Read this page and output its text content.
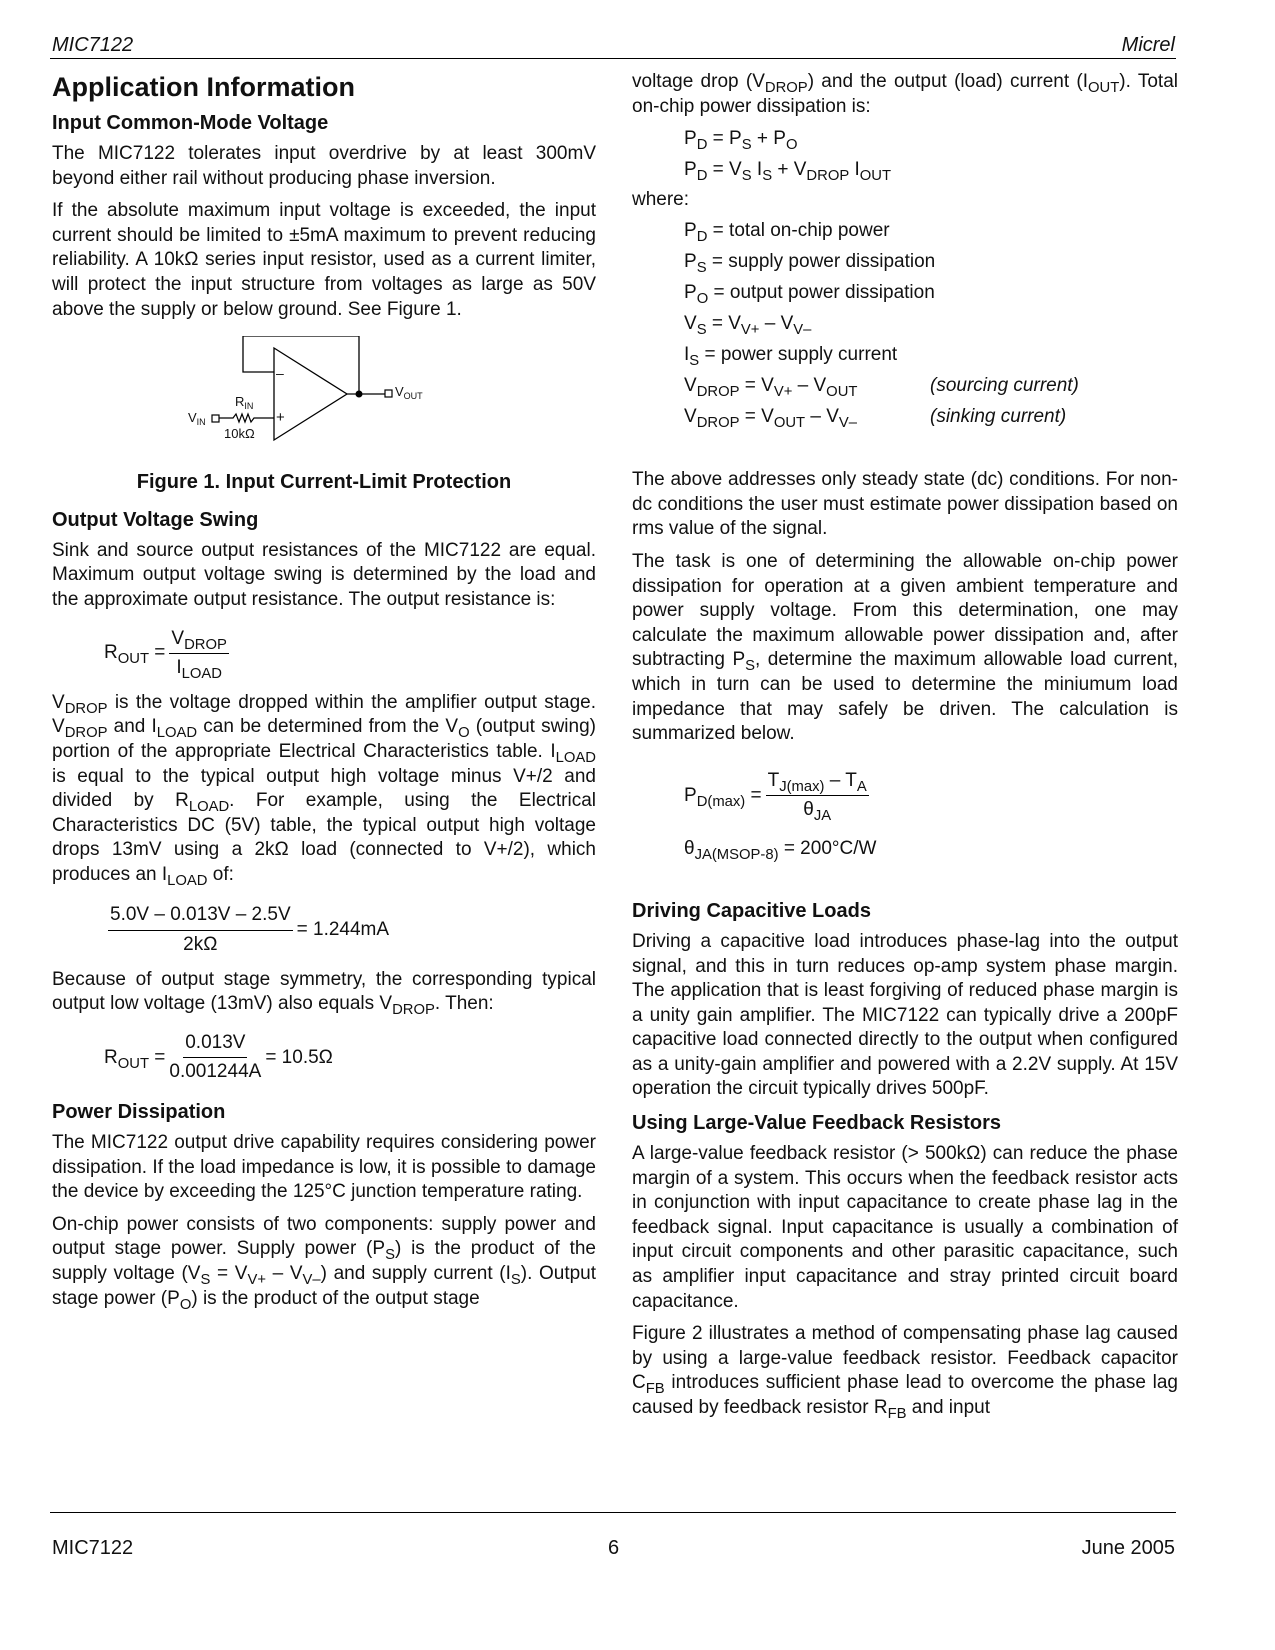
MIC7122	Micrel
Application Information
Input Common-Mode Voltage

The MIC7122 tolerates input overdrive by at least 300mV beyond either rail without producing phase inversion.

If the absolute maximum input voltage is exceeded, the input current should be limited to ±5mA maximum to prevent reducing reliability. A 10kΩ series input resistor, used as a current limiter, will protect the input structure from voltages as large as 50V above the supply or below ground. See Figure 1.

–
+
$V_{OUT}$
$V_{IN}$
$R_{IN}$
10kΩ
Figure 1. Input Current-Limit Protection
Output Voltage Swing

Sink and source output resistances of the MIC7122 are equal. Maximum output voltage swing is determined by the load and the approximate output resistance. The output resistance is:

$R_{OUT} = \frac{V_{DROP}}{I_{LOAD}}$

$V_{DROP}$ is the voltage dropped within the amplifier output stage. $V_{DROP}$ and $I_{LOAD}$ can be determined from the $V_O$ (output swing) portion of the appropriate Electrical Characteristics table. $I_{LOAD}$ is equal to the typical output high voltage minus V+/2 and divided by $R_{LOAD}$. For example, using the Electrical Characteristics DC (5V) table, the typical output high voltage drops 13mV using a 2kΩ load (connected to V+/2), which produces an $I_{LOAD}$ of:

$\frac{5.0V - 0.013V - 2.5V}{2k\Omega} = 1.244mA$

Because of output stage symmetry, the corresponding typical output low voltage (13mV) also equals $V_{DROP}$. Then:

$R_{OUT} = \frac{0.013V}{0.001244A} = 10.5\Omega$
Power Dissipation

The MIC7122 output drive capability requires considering power dissipation. If the load impedance is low, it is possible to damage the device by exceeding the 125°C junction temperature rating.

On-chip power consists of two components: supply power and output stage power. Supply power $(P_S)$ is the product of the supply voltage $(V_S = V_{V+} - V_{V-})$ and supply current $(I_S)$. Output stage power $(P_O)$ is the product of the output stage

voltage drop $(V_{DROP})$ and the output (load) current $(I_{OUT})$. Total on-chip power dissipation is:

$P_D = P_S + P_O$
$P_D = V_S$ $I_S + V_{DROP}$ $I_{OUT}$
where:
$P_D$ = total on-chip power
$P_S$ = supply power dissipation
$P_O$ = output power dissipation
$V_S = V_{V+} - V_{V-}$
$I_S$ = power supply current
$V_{DROP} = V_{V+} - V_{OUT}$	(sourcing current)
$V_{DROP} = V_{OUT} - V_{V-}$	(sinking current)

The above addresses only steady state (dc) conditions. For non-dc conditions the user must estimate power dissipation based on rms value of the signal.

The task is one of determining the allowable on-chip power dissipation for operation at a given ambient temperature and power supply voltage. From this determination, one may calculate the maximum allowable power dissipation and, after subtracting $P_S$, determine the maximum allowable load current, which in turn can be used to determine the miniumum load impedance that may safely be driven. The calculation is summarized below.

$P_{D(max)} = \frac{T_{J(max)} - T_A}{\theta_{JA}}$
$\theta_{JA(MSOP-8)} = 200^\circ C/W$
Driving Capacitive Loads

Driving a capacitive load introduces phase-lag into the output signal, and this in turn reduces op-amp system phase margin. The application that is least forgiving of reduced phase margin is a unity gain amplifier. The MIC7122 can typically drive a 200pF capacitive load connected directly to the output when configured as a unity-gain amplifier and powered with a 2.2V supply. At 15V operation the circuit typically drives 500pF.

Using Large-Value Feedback Resistors

A large-value feedback resistor (> 500kΩ) can reduce the phase margin of a system. This occurs when the feedback resistor acts in conjunction with input capacitance to create phase lag in the feedback signal. Input capacitance is usually a combination of input circuit components and other parasitic capacitance, such as amplifier input capacitance and stray printed circuit board capacitance.

Figure 2 illustrates a method of compensating phase lag caused by using a large-value feedback resistor. Feedback capacitor $C_{FB}$ introduces sufficient phase lead to overcome the phase lag caused by feedback resistor $R_{FB}$ and input

MIC7122	6	June 2005
